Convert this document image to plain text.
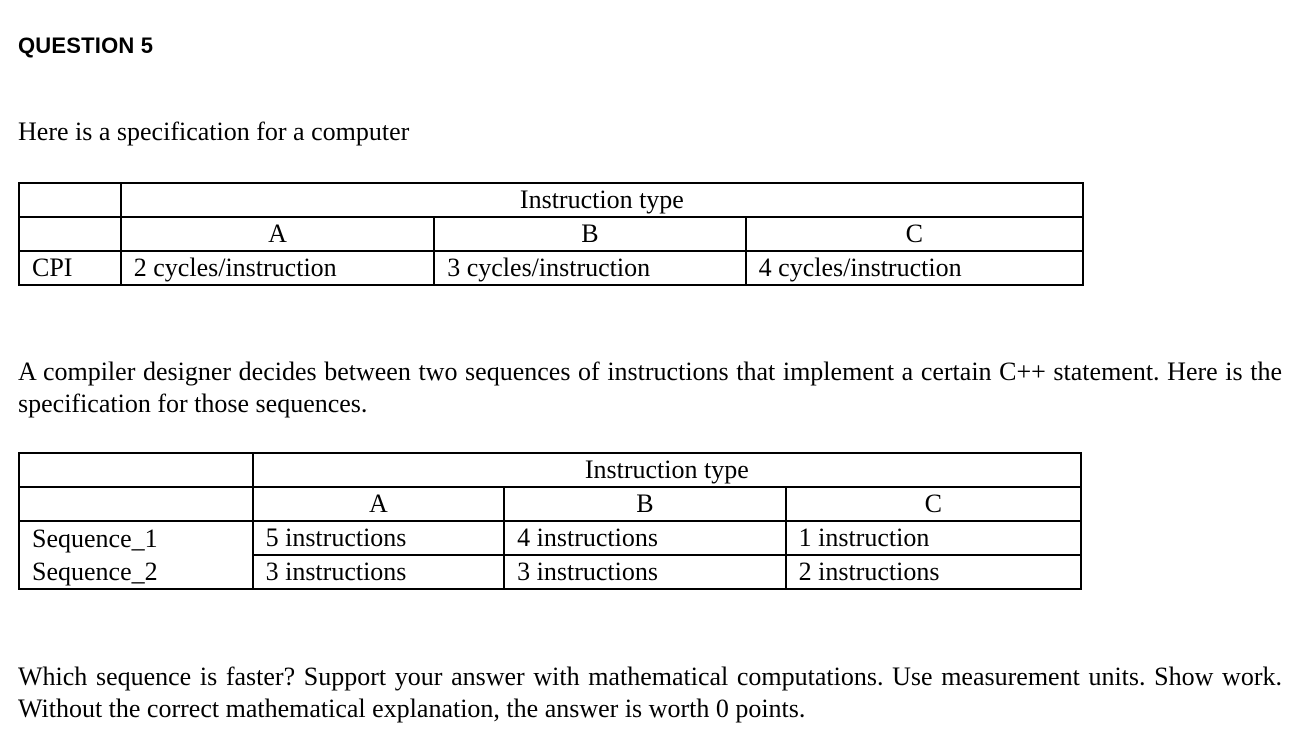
QUESTION 5
Here is a specification for a computer
	Instruction type		
	A	B	C
CPI	2 cycles/instruction	3 cycles/instruction	4 cycles/instruction
A compiler designer decides between two sequences of instructions that implement a certain C++ statement. Here is the specification for those sequences.
	Instruction type		
	A	B	C
Sequence_1	5 instructions	4 instructions	1 instruction
Sequence_2	3 instructions	3 instructions	2 instructions
Which sequence is faster? Support your answer with mathematical computations. Use measurement units. Show work. Without the correct mathematical explanation, the answer is worth 0 points.
